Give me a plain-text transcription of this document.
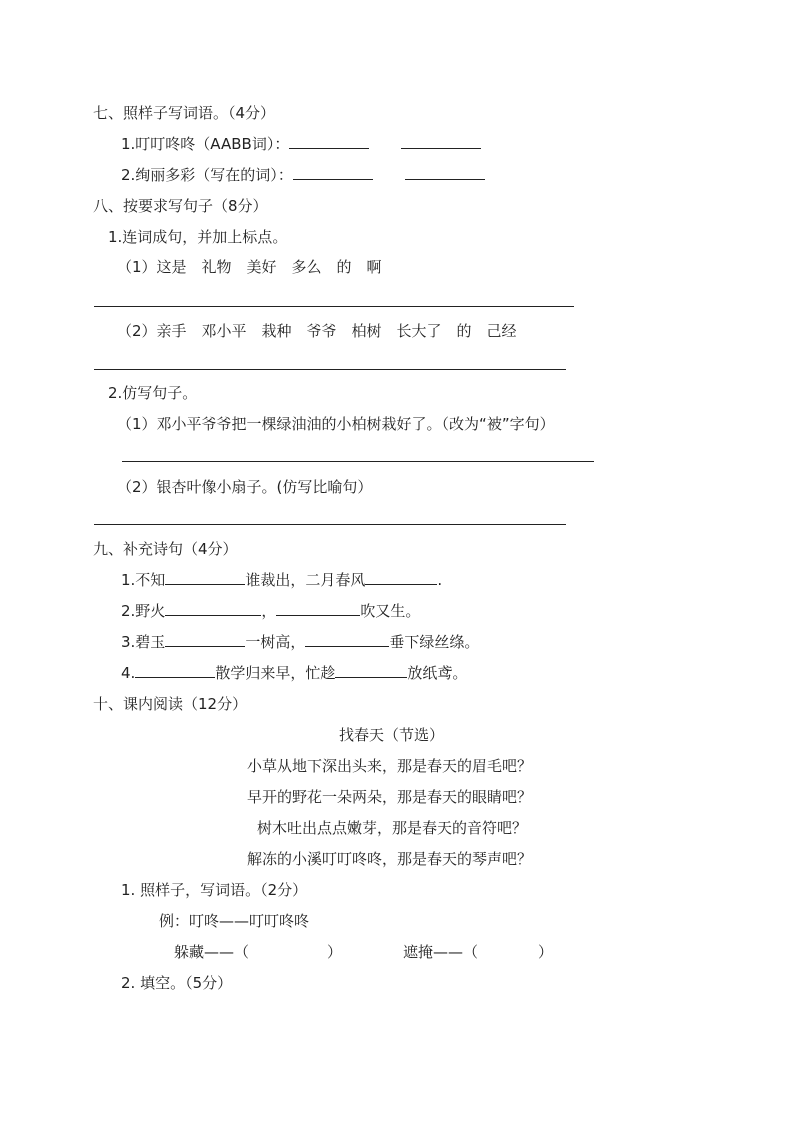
七、照样子写词语。（4分）
1.叮叮咚咚（AABB词）：
2.绚丽多彩（写在的词）：
八、按要求写句子（8分）
1.连词成句，并加上标点。
（1）这是　礼物　美好　多么　的　啊
（2）亲手　邓小平　栽种　爷爷　柏树　长大了　的　己经
2.仿写句子。
（1）邓小平爷爷把一棵绿油油的小柏树栽好了。（改为“被”字句）
（2）银杏叶像小扇子。(仿写比喻句）
九、补充诗句（4分）
1.不知	谁裁出，二月春风	.
2.野火	，	吹又生。
3.碧玉	一树高，	垂下绿丝绦。
4.	散学归来早，忙趁	放纸鸢。
十、课内阅读（12分）
找春天（节选）
小草从地下深出头来，那是春天的眉毛吧？
早开的野花一朵两朵，那是春天的眼睛吧？
树木吐出点点嫩芽，那是春天的音符吧？
解冻的小溪叮叮咚咚，那是春天的琴声吧？
1. 照样子，写词语。（2分）
例：叮咚——叮叮咚咚
躲藏——（	）	遮掩——（	）
2. 填空。（5分）
